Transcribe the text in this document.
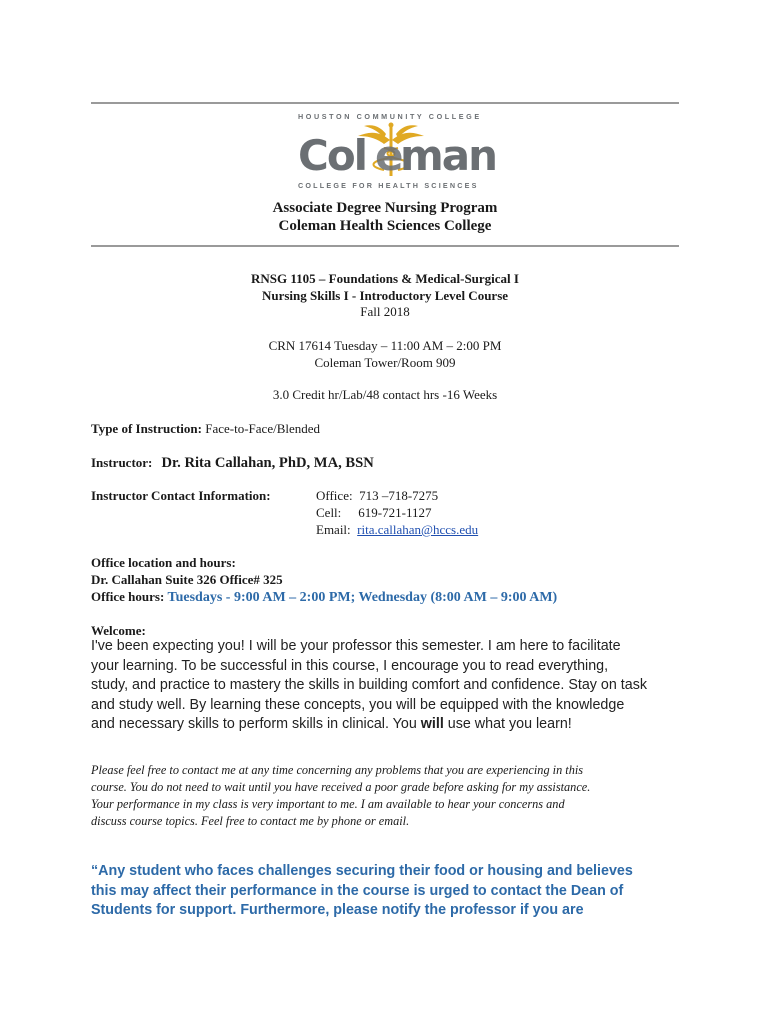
HOUSTON COMMUNITY COLLEGE
Col man
e
COLLEGE FOR HEALTH SCIENCES
Associate Degree Nursing Program
Coleman Health Sciences College
RNSG 1105 – Foundations & Medical-Surgical I
Nursing Skills I - Introductory Level Course
Fall 2018
CRN 17614 Tuesday – 11:00 AM – 2:00 PM
Coleman Tower/Room 909
3.0 Credit hr/Lab/48 contact hrs -16 Weeks
Type of Instruction: Face-to-Face/Blended
Instructor: Dr. Rita Callahan, PhD, MA, BSN
Instructor Contact Information:	Office: 713 –718-7275
Cell: 619-721-1127
Email: rita.callahan@hccs.edu
Office location and hours:
Dr. Callahan Suite 326 Office# 325
Office hours: Tuesdays - 9:00 AM – 2:00 PM; Wednesday (8:00 AM – 9:00 AM)
Welcome:
I've been expecting you! I will be your professor this semester. I am here to facilitate
your learning. To be successful in this course, I encourage you to read everything,
study, and practice to mastery the skills in building comfort and confidence. Stay on task
and study well. By learning these concepts, you will be equipped with the knowledge
and necessary skills to perform skills in clinical. You will use what you learn!
Please feel free to contact me at any time concerning any problems that you are experiencing in this
course. You do not need to wait until you have received a poor grade before asking for my assistance.
Your performance in my class is very important to me. I am available to hear your concerns and
discuss course topics. Feel free to contact me by phone or email.
“Any student who faces challenges securing their food or housing and believes
this may affect their performance in the course is urged to contact the Dean of
Students for support. Furthermore, please notify the professor if you are
